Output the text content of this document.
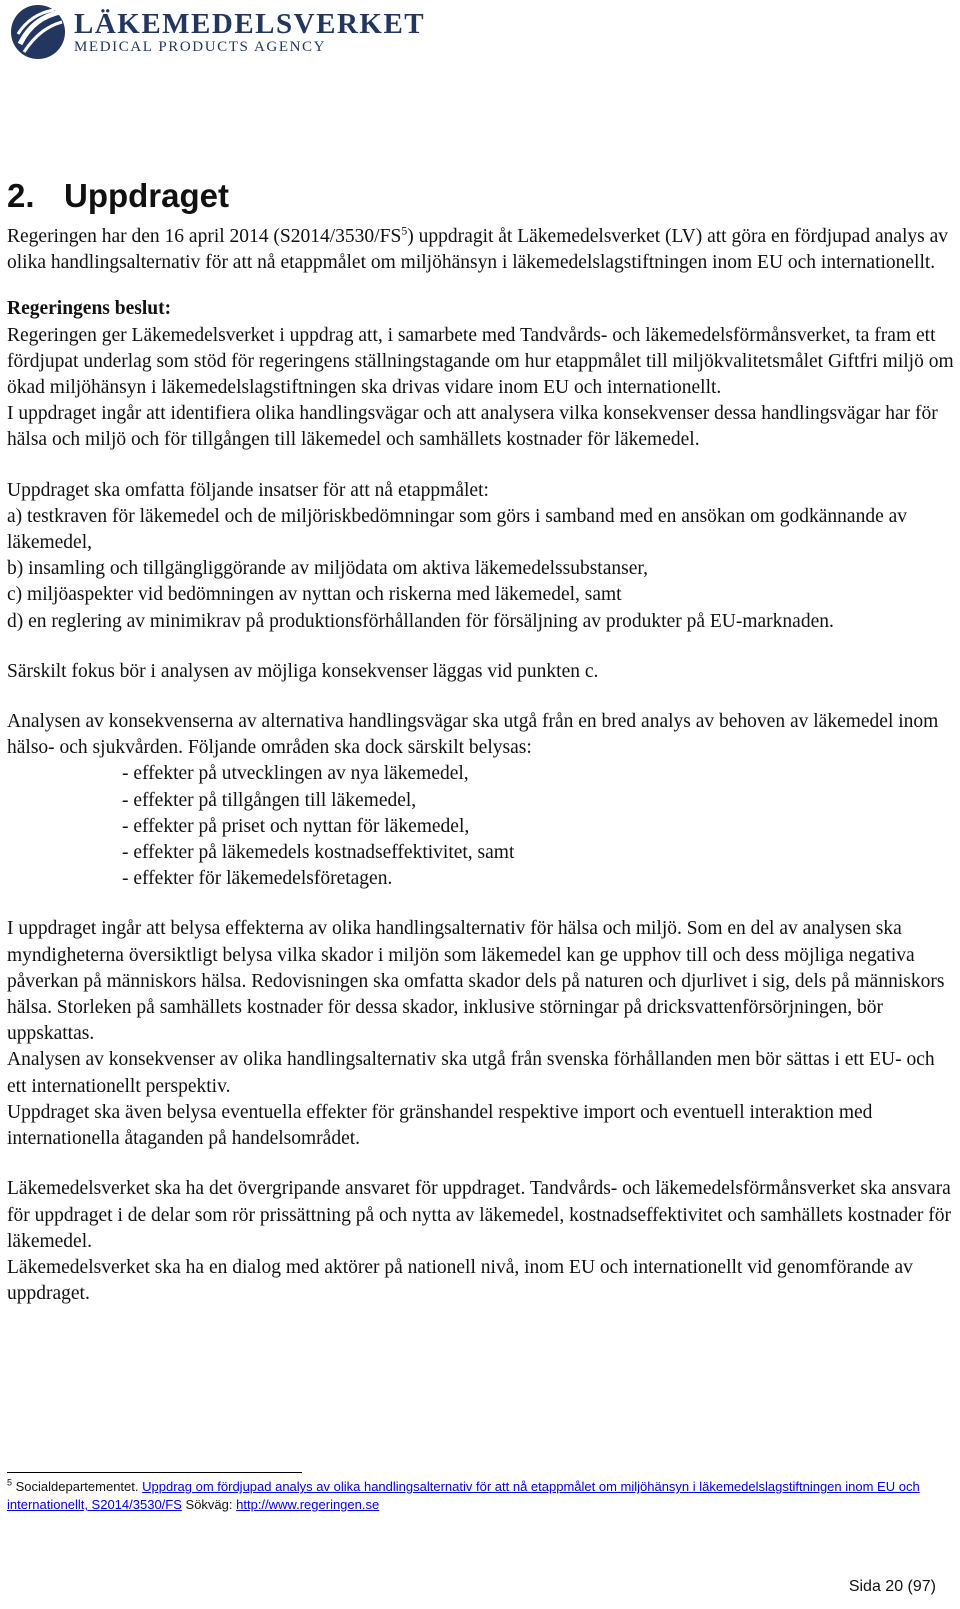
LÄKEMEDELSVERKET
MEDICAL PRODUCTS AGENCY
2. Uppdraget

Regeringen har den 16 april 2014 $(S2014/3530/FS^5)$ uppdragit åt Läkemedelsverket (LV) att göra en fördjupad analys av olika handlingsalternativ för att nå etappmålet om miljöhänsyn i läkemedelslagstiftningen inom EU och internationellt.

Regeringens beslut:

Regeringen ger Läkemedelsverket i uppdrag att, i samarbete med Tandvårds- och läkemedelsförmånsverket, ta fram ett fördjupat underlag som stöd för regeringens ställningstagande om hur etappmålet till miljökvalitetsmålet Giftfri miljö om ökad miljöhänsyn i läkemedelslagstiftningen ska drivas vidare inom EU och internationellt.

I uppdraget ingår att identifiera olika handlingsvägar och att analysera vilka konsekvenser dessa handlingsvägar har för hälsa och miljö och för tillgången till läkemedel och samhällets kostnader för läkemedel.

Uppdraget ska omfatta följande insatser för att nå etappmålet:

a) testkraven för läkemedel och de miljöriskbedömningar som görs i samband med en ansökan om godkännande av läkemedel,

b) insamling och tillgängliggörande av miljödata om aktiva läkemedelssubstanser,

c) miljöaspekter vid bedömningen av nyttan och riskerna med läkemedel, samt

d) en reglering av minimikrav på produktionsförhållanden för försäljning av produkter på EU-marknaden.

Särskilt fokus bör i analysen av möjliga konsekvenser läggas vid punkten c.

Analysen av konsekvenserna av alternativa handlingsvägar ska utgå från en bred analys av behoven av läkemedel inom hälso- och sjukvården. Följande områden ska dock särskilt belysas:

- effekter på utvecklingen av nya läkemedel,
- effekter på tillgången till läkemedel,
- effekter på priset och nyttan för läkemedel,
- effekter på läkemedels kostnadseffektivitet, samt
- effekter för läkemedelsföretagen.

I uppdraget ingår att belysa effekterna av olika handlingsalternativ för hälsa och miljö. Som en del av analysen ska myndigheterna översiktligt belysa vilka skador i miljön som läkemedel kan ge upphov till och dess möjliga negativa påverkan på människors hälsa. Redovisningen ska omfatta skador dels på naturen och djurlivet i sig, dels på människors hälsa. Storleken på samhällets kostnader för dessa skador, inklusive störningar på dricksvattenförsörjningen, bör uppskattas.

Analysen av konsekvenser av olika handlingsalternativ ska utgå från svenska förhållanden men bör sättas i ett EU- och ett internationellt perspektiv.

Uppdraget ska även belysa eventuella effekter för gränshandel respektive import och eventuell interaktion med internationella åtaganden på handelsområdet.

Läkemedelsverket ska ha det övergripande ansvaret för uppdraget. Tandvårds- och läkemedelsförmånsverket ska ansvara för uppdraget i de delar som rör prissättning på och nytta av läkemedel, kostnadseffektivitet och samhällets kostnader för läkemedel.

Läkemedelsverket ska ha en dialog med aktörer på nationell nivå, inom EU och internationellt vid genomförande av uppdraget.

$^5$ Socialdepartementet. Uppdrag om fördjupad analys av olika handlingsalternativ för att nå etappmålet om miljöhänsyn i läkemedelslagstiftningen inom EU och internationellt, S2014/3530/FS Sökväg: http://www.regeringen.se
Sida 20 (97)
